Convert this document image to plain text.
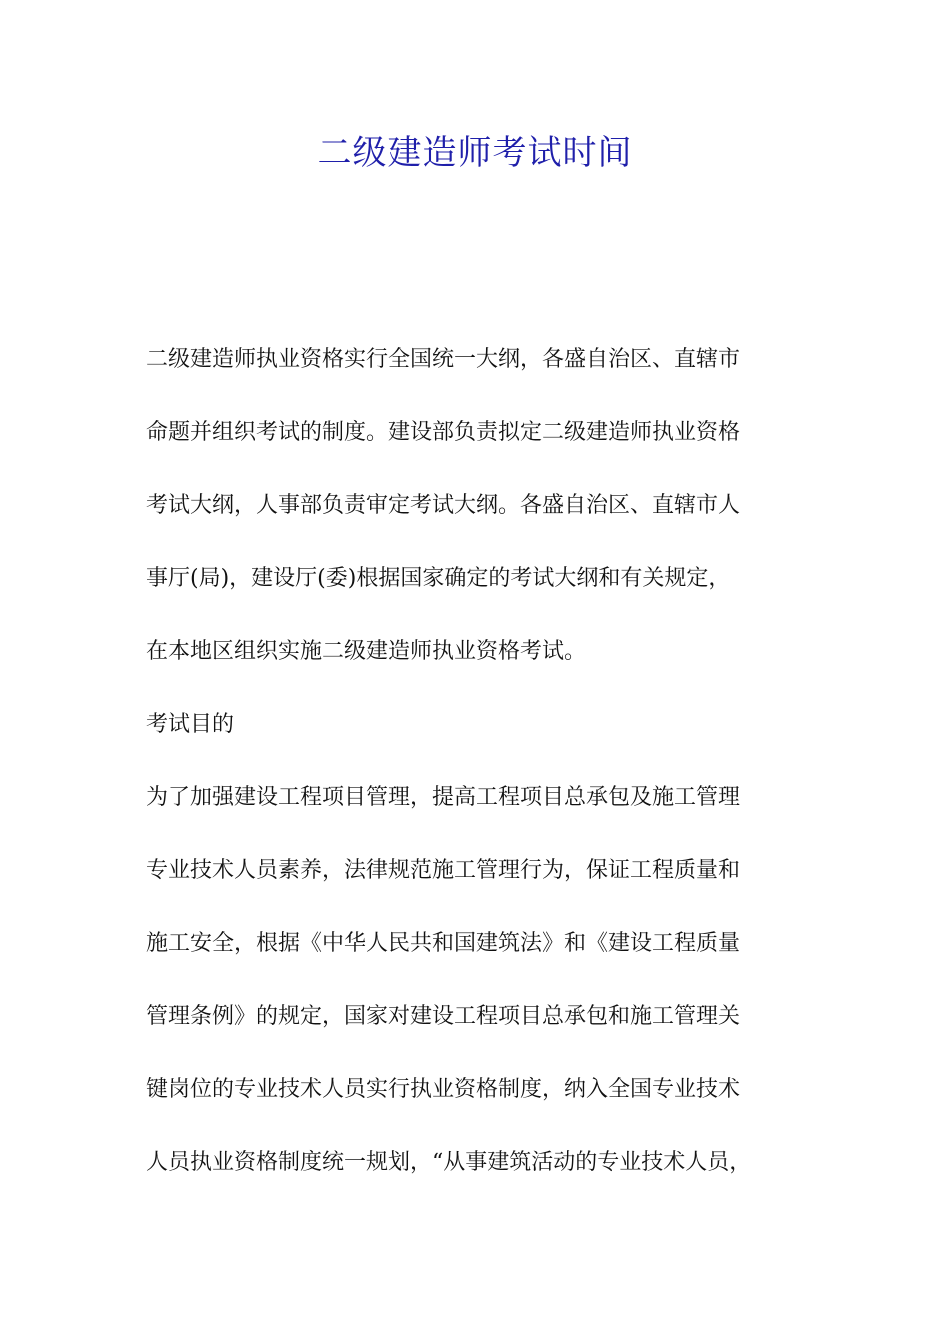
二级建造师考试时间
二级建造师执业资格实行全国统一大纲，各盛自治区、直辖市
命题并组织考试的制度。建设部负责拟定二级建造师执业资格
考试大纲，人事部负责审定考试大纲。各盛自治区、直辖市人
事厅(局)，建设厅(委)根据国家确定的考试大纲和有关规定，
在本地区组织实施二级建造师执业资格考试。
考试目的
为了加强建设工程项目管理，提高工程项目总承包及施工管理
专业技术人员素养，法律规范施工管理行为，保证工程质量和
施工安全，根据《中华人民共和国建筑法》和《建设工程质量
管理条例》的规定，国家对建设工程项目总承包和施工管理关
键岗位的专业技术人员实行执业资格制度，纳入全国专业技术
人员执业资格制度统一规划，“从事建筑活动的专业技术人员，
